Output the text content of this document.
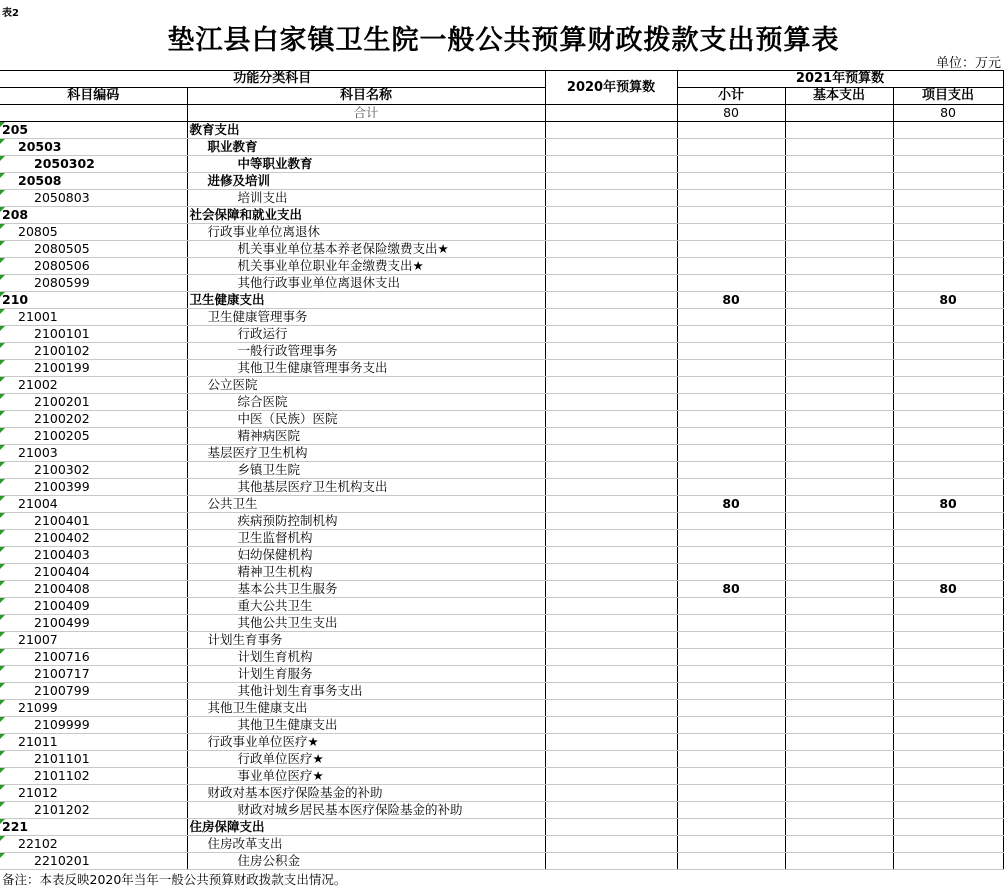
表2
垫江县白家镇卫生院一般公共预算财政拨款支出预算表
单位：万元
功能分类科目		2020年预算数	2021年预算数		
科目编码	科目名称		小计	基本支出	项目支出
	合计		80		80
205	教育支出				
20503	职业教育				
2050302	中等职业教育				
20508	进修及培训				
2050803	培训支出				
208	社会保障和就业支出				
20805	行政事业单位离退休				
2080505	机关事业单位基本养老保险缴费支出★				
2080506	机关事业单位职业年金缴费支出★				
2080599	其他行政事业单位离退休支出				
210	卫生健康支出		80		80
21001	卫生健康管理事务				
2100101	行政运行				
2100102	一般行政管理事务				
2100199	其他卫生健康管理事务支出				
21002	公立医院				
2100201	综合医院				
2100202	中医（民族）医院				
2100205	精神病医院				
21003	基层医疗卫生机构				
2100302	乡镇卫生院				
2100399	其他基层医疗卫生机构支出				
21004	公共卫生		80		80
2100401	疾病预防控制机构				
2100402	卫生监督机构				
2100403	妇幼保健机构				
2100404	精神卫生机构				
2100408	基本公共卫生服务		80		80
2100409	重大公共卫生				
2100499	其他公共卫生支出				
21007	计划生育事务				
2100716	计划生育机构				
2100717	计划生育服务				
2100799	其他计划生育事务支出				
21099	其他卫生健康支出				
2109999	其他卫生健康支出				
21011	行政事业单位医疗★				
2101101	行政单位医疗★				
2101102	事业单位医疗★				
21012	财政对基本医疗保险基金的补助				
2101202	财政对城乡居民基本医疗保险基金的补助				
221	住房保障支出				
22102	住房改革支出				
2210201	住房公积金				
备注：本表反映2020年当年一般公共预算财政拨款支出情况。
